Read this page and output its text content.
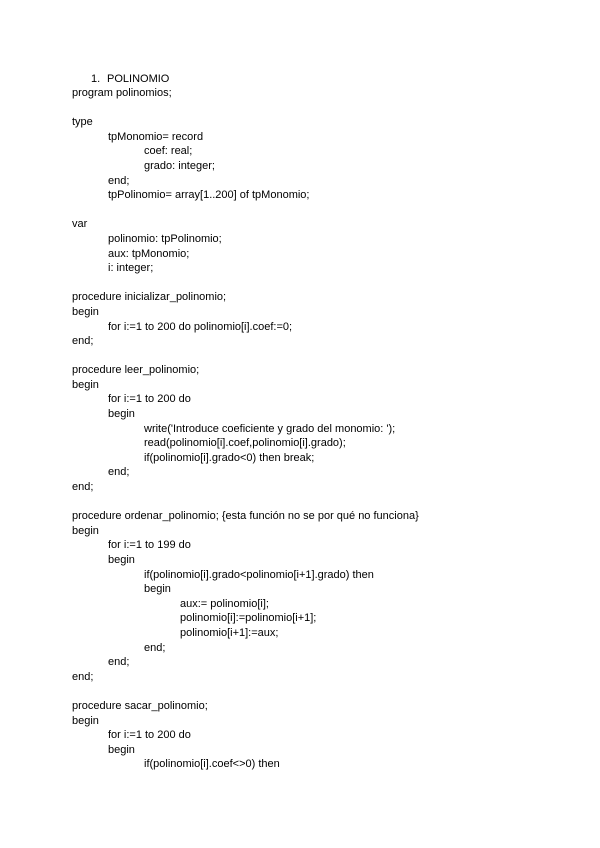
1. POLINOMIO
program polinomios;
type
tpMonomio= record
coef: real;
grado: integer;
end;
tpPolinomio= array[1..200] of tpMonomio;
var
polinomio: tpPolinomio;
aux: tpMonomio;
i: integer;
procedure inicializar_polinomio;
begin
for i:=1 to 200 do polinomio[i].coef:=0;
end;
procedure leer_polinomio;
begin
for i:=1 to 200 do
begin
write('Introduce coeficiente y grado del monomio: ');
read(polinomio[i].coef,polinomio[i].grado);
if(polinomio[i].grado<0) then break;
end;
end;
procedure ordenar_polinomio; {esta función no se por qué no funciona}
begin
for i:=1 to 199 do
begin
if(polinomio[i].grado<polinomio[i+1].grado) then
begin
aux:= polinomio[i];
polinomio[i]:=polinomio[i+1];
polinomio[i+1]:=aux;
end;
end;
end;
procedure sacar_polinomio;
begin
for i:=1 to 200 do
begin
if(polinomio[i].coef<>0) then
